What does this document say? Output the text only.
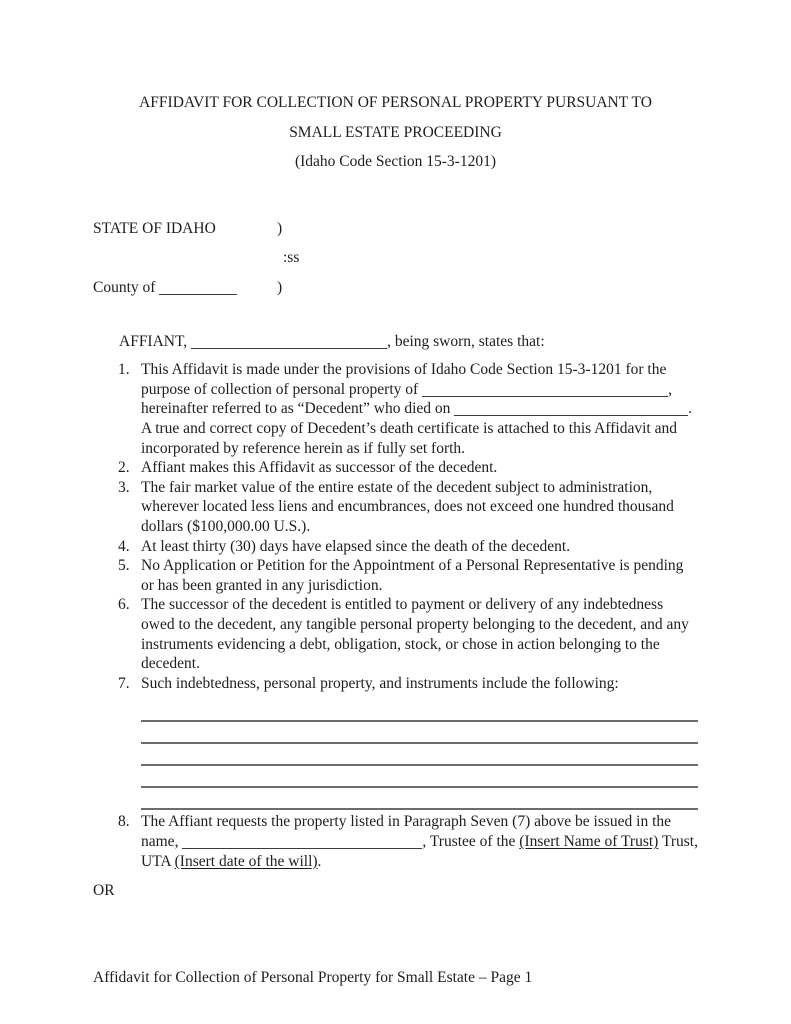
AFFIDAVIT FOR COLLECTION OF PERSONAL PROPERTY PURSUANT TO
SMALL ESTATE PROCEEDING
(Idaho Code Section 15-3-1201)
STATE OF IDAHO	)
:ss
County of	)
AFFIANT,	, being sworn, states that:
1. This Affidavit is made under the provisions of Idaho Code Section 15-3-1201 for the
purpose of collection of personal property of	,
hereinafter referred to as “Decedent” who died on	.
A true and correct copy of Decedent’s death certificate is attached to this Affidavit and
incorporated by reference herein as if fully set forth.
2. Affiant makes this Affidavit as successor of the decedent.
3. The fair market value of the entire estate of the decedent subject to administration,
wherever located less liens and encumbrances, does not exceed one hundred thousand
dollars ($100,000.00 U.S.).
4. At least thirty (30) days have elapsed since the death of the decedent.
5. No Application or Petition for the Appointment of a Personal Representative is pending
or has been granted in any jurisdiction.
6. The successor of the decedent is entitled to payment or delivery of any indebtedness
owed to the decedent, any tangible personal property belonging to the decedent, and any
instruments evidencing a debt, obligation, stock, or chose in action belonging to the
decedent.
7. Such indebtedness, personal property, and instruments include the following:
8. The Affiant requests the property listed in Paragraph Seven (7) above be issued in the
name,	, Trustee of the (Insert Name of Trust) Trust,
UTA (Insert date of the will) .
OR
Affidavit for Collection of Personal Property for Small Estate – Page 1
